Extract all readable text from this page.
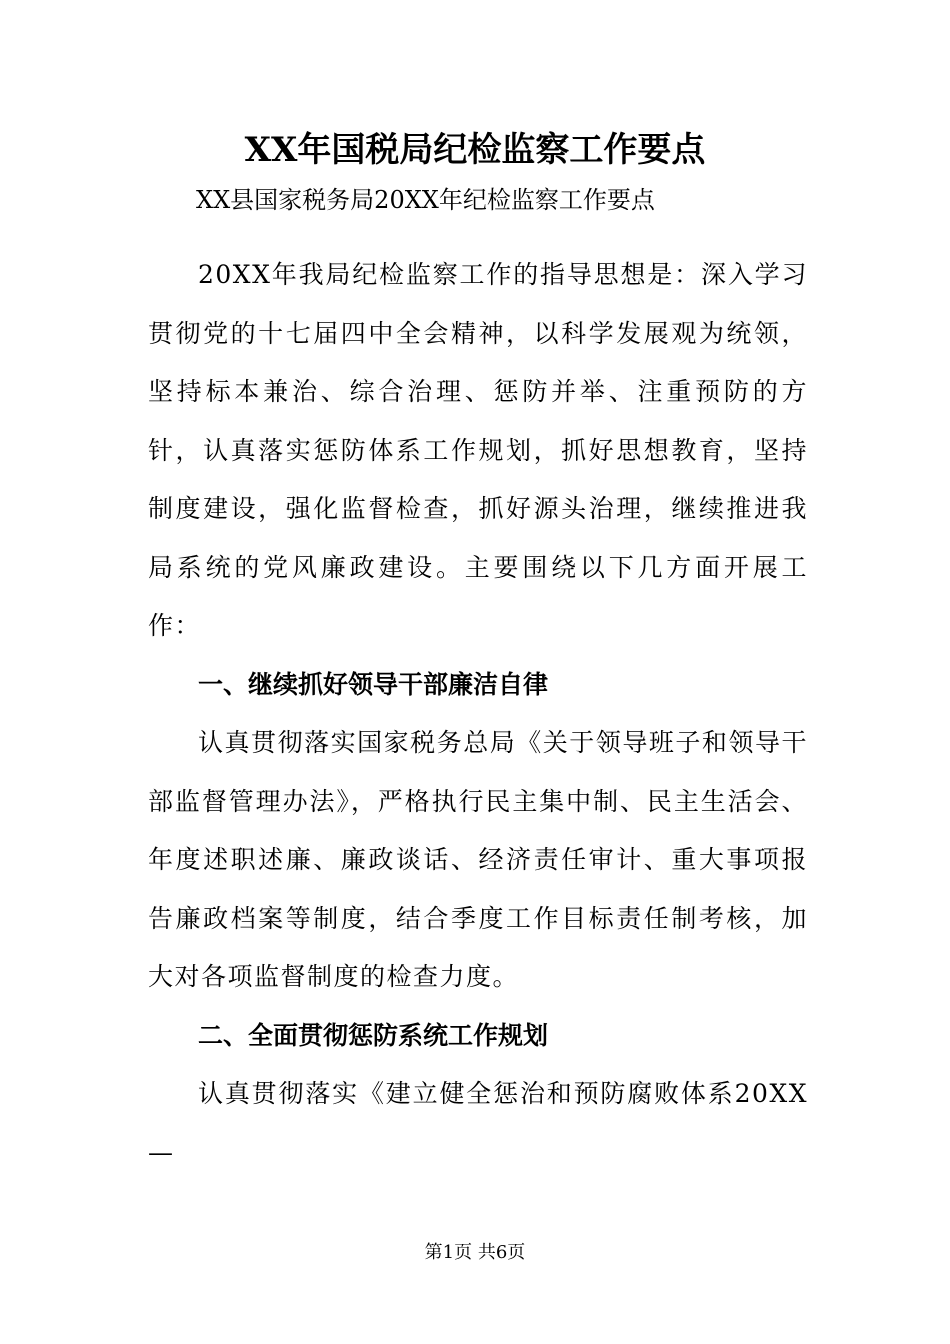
XX年国税局纪检监察工作要点
XX县国家税务局20XX年纪检监察工作要点

20XX年我局纪检监察工作的指导思想是：深入学习贯彻党的十七届四中全会精神，以科学发展观为统领，坚持标本兼治、综合治理、惩防并举、注重预防的方针，认真落实惩防体系工作规划，抓好思想教育，坚持制度建设，强化监督检查，抓好源头治理，继续推进我局系统的党风廉政建设。主要围绕以下几方面开展工作：

一、继续抓好领导干部廉洁自律

认真贯彻落实国家税务总局《关于领导班子和领导干部监督管理办法》，严格执行民主集中制、民主生活会、年度述职述廉、廉政谈话、经济责任审计、重大事项报告廉政档案等制度，结合季度工作目标责任制考核，加大对各项监督制度的检查力度。

二、全面贯彻惩防系统工作规划

认真贯彻落实《建立健全惩治和预防腐败体系20XX—

第1页 共6页
